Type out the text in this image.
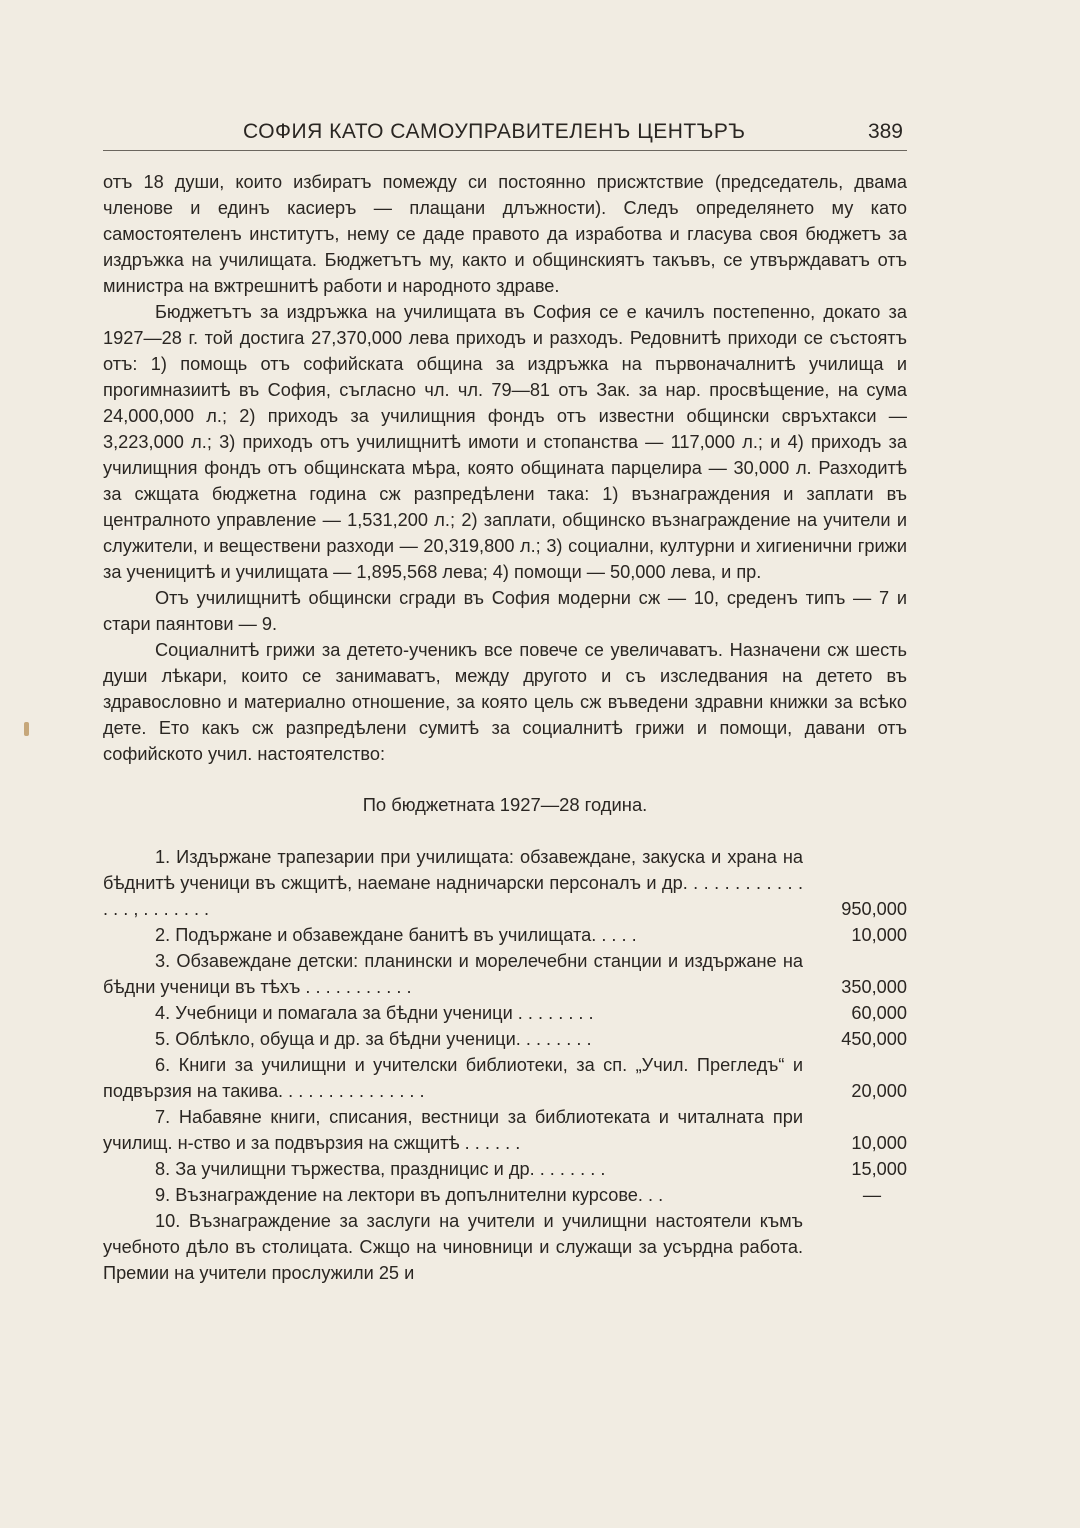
СОФИЯ КАТО САМОУПРАВИТЕЛЕНЪ ЦЕНТЪРЪ	389

отъ 18 души, които избиратъ помежду си постоянно присжтствие (председатель, двама членове и единъ касиеръ — плащани длъжности). Следъ определянето му като самостоятеленъ институтъ, нему се даде правото да изработва и гласува своя бюджетъ за издръжка на училищата. Бюджетътъ му, както и общинскиятъ такъвъ, се утвърждаватъ отъ министра на вжтрешнитѣ работи и народното здраве.

Бюджетътъ за издръжка на училищата въ София се е качилъ постепенно, докато за 1927—28 г. той достига 27,370,000 лева приходъ и разходъ. Редовнитѣ приходи се състоятъ отъ: 1) помощь отъ софийската община за издръжка на първоначалнитѣ училища и прогимназиитѣ въ София, съгласно чл. чл. 79—81 отъ Зак. за нар. просвѣщение, на сума 24,000,000 л.; 2) приходъ за училищния фондъ отъ известни общински свръхтакси — 3,223,000 л.; 3) приходъ отъ училищнитѣ имоти и стопанства — 117,000 л.; и 4) приходъ за училищния фондъ отъ общинската мѣра, която общината парцелира — 30,000 л. Разходитѣ за сжщата бюджетна година сж разпредѣлени така: 1) възнаграждения и заплати въ централното управление — 1,531,200 л.; 2) заплати, общинско възнаграждение на учители и служители, и веществени разходи — 20,319,800 л.; 3) социални, културни и хигиенични грижи за ученицитѣ и училищата — 1,895,568 лева; 4) помощи — 50,000 лева, и пр.

Отъ училищнитѣ общински сгради въ София модерни сж — 10, среденъ типъ — 7 и стари паянтови — 9.

Социалнитѣ грижи за детето-ученикъ все повече се увеличаватъ. Назначени сж шесть души лѣкари, които се занимаватъ, между другото и съ изследвания на детето въ здравословно и материално отношение, за която цель сж въведени здравни книжки за всѣко дете. Ето какъ сж разпредѣлени сумитѣ за социалнитѣ грижи и помощи, давани отъ софийското учил. настоятелство:

По бюджетната 1927—28 година.
1. Издържане трапезарии при училищата: обзавеждане, закуска и храна на бѣднитѣ ученици въ сжщитѣ, наемане надничарски персоналъ и др. . . . . . . . . . . . . . . , . . . . . . .	950,000
2. Подържане и обзавеждане банитѣ въ училищата. . . . .	10,000
3. Обзавеждане детски: планински и морелечебни станции и издържане на бѣдни ученици въ тѣхъ . . . . . . . . . . .	350,000
4. Учебници и помагала за бѣдни ученици . . . . . . . .	60,000
5. Облѣкло, обуща и др. за бѣдни ученици. . . . . . . .	450,000
6. Книги за училищни и учителски библиотеки, за сп. „Учил. Прегледъ“ и подвързия на такива. . . . . . . . . . . . . . .	20,000
7. Набавяне книги, списания, вестници за библиотеката и читалната при училищ. н-ство и за подвързия на сжщитѣ . . . . . .	10,000
8. За училищни тържества, празднициc и др. . . . . . . .	15,000
9. Възнаграждение на лектори въ допълнителни курсове. . .	—
10. Възнаграждение за заслуги на учители и училищни настоятели къмъ учебното дѣло въ столицата. Сжщо на чиновници и служащи за усърдна работа. Премии на учители прослужили 25 и
